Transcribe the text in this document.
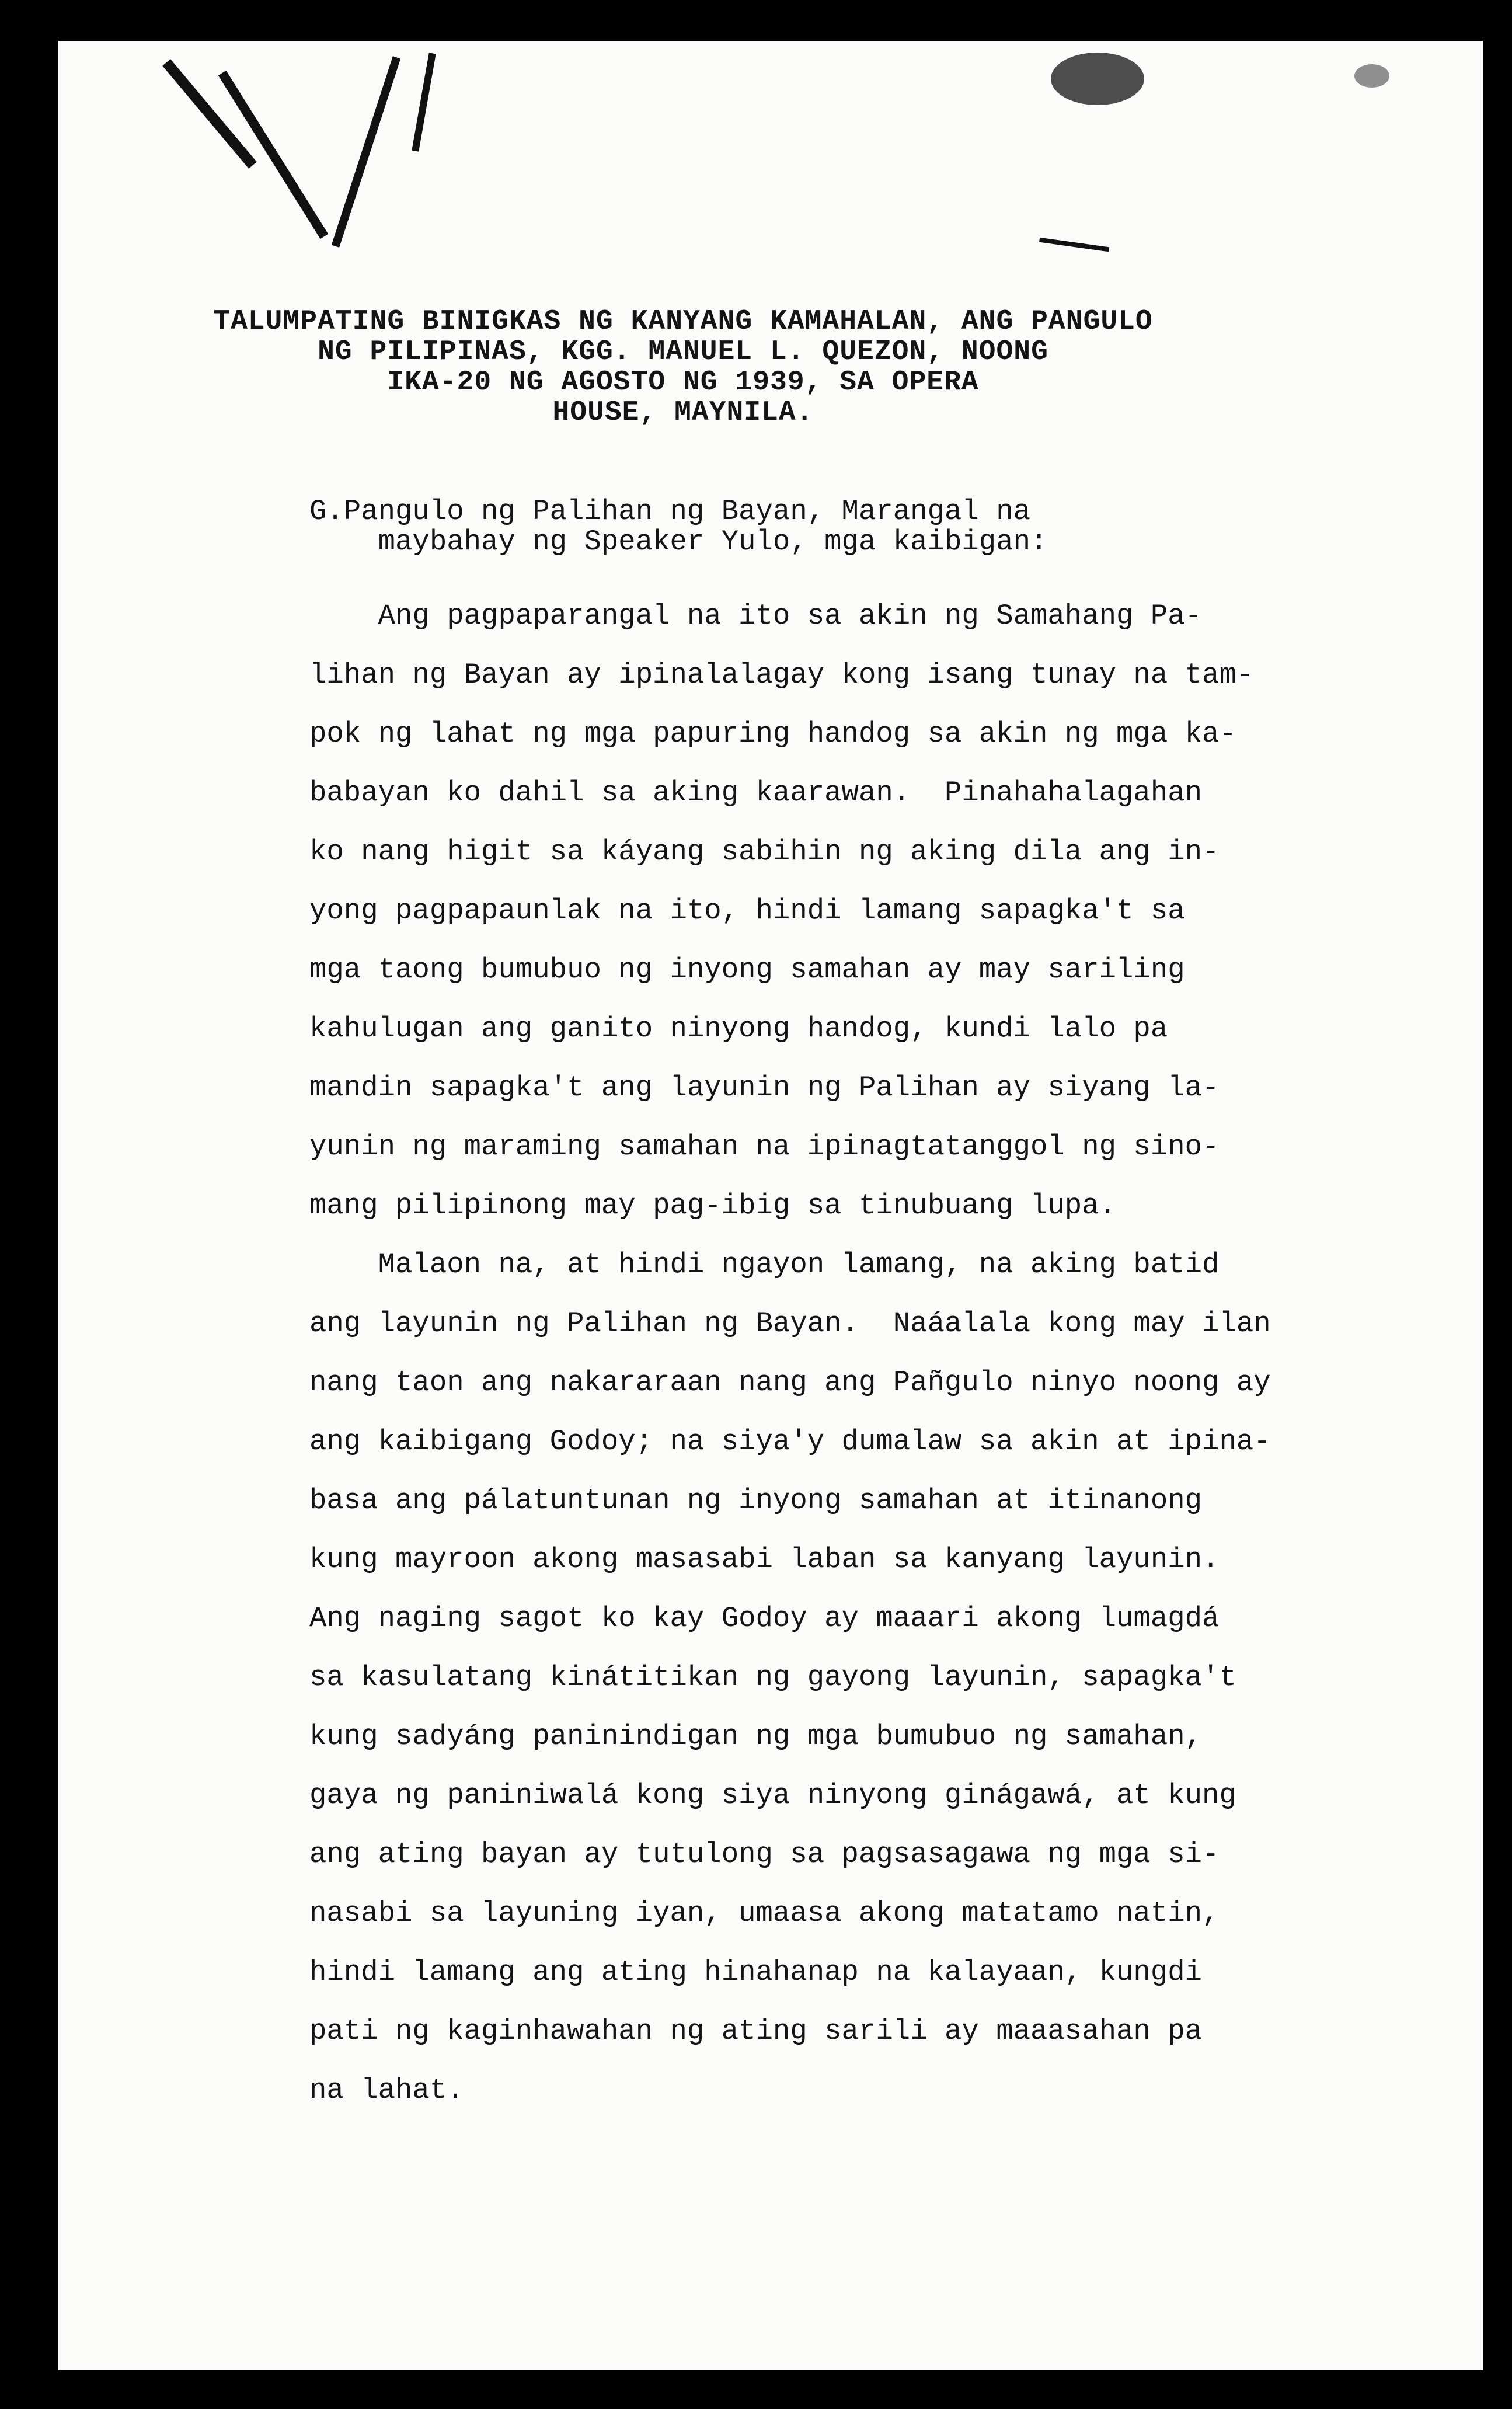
TALUMPATING BINIGKAS NG KANYANG KAMAHALAN, ANG PANGULO
NG PILIPINAS, KGG. MANUEL L. QUEZON, NOONG
IKA-20 NG AGOSTO NG 1939, SA OPERA
HOUSE, MAYNILA.
G.Pangulo ng Palihan ng Bayan, Marangal na
maybahay ng Speaker Yulo, mga kaibigan:
Ang pagpaparangal na ito sa akin ng Samahang Pa-
lihan ng Bayan ay ipinalalagay kong isang tunay na tam-
pok ng lahat ng mga papuring handog sa akin ng mga ka-
babayan ko dahil sa aking kaarawan.  Pinahahalagahan
ko nang higit sa káyang sabihin ng aking dila ang in-
yong pagpapaunlak na ito, hindi lamang sapagka't sa
mga taong bumubuo ng inyong samahan ay may sariling
kahulugan ang ganito ninyong handog, kundi lalo pa
mandin sapagka't ang layunin ng Palihan ay siyang la-
yunin ng maraming samahan na ipinagtatanggol ng sino-
mang pilipinong may pag-ibig sa tinubuang lupa.
Malaon na, at hindi ngayon lamang, na aking batid
ang layunin ng Palihan ng Bayan.  Naáalala kong may ilan
nang taon ang nakararaan nang ang Pañgulo ninyo noong ay
ang kaibigang Godoy; na siya'y dumalaw sa akin at ipina-
basa ang pálatuntunan ng inyong samahan at itinanong
kung mayroon akong masasabi laban sa kanyang layunin.
Ang naging sagot ko kay Godoy ay maaari akong lumagdá
sa kasulatang kinátitikan ng gayong layunin, sapagka't
kung sadyáng paninindigan ng mga bumubuo ng samahan,
gaya ng paniniwalá kong siya ninyong ginágawá, at kung
ang ating bayan ay tutulong sa pagsasagawa ng mga si-
nasabi sa layuning iyan, umaasa akong matatamo natin,
hindi lamang ang ating hinahanap na kalayaan, kungdi
pati ng kaginhawahan ng ating sarili ay maaasahan pa
na lahat.
